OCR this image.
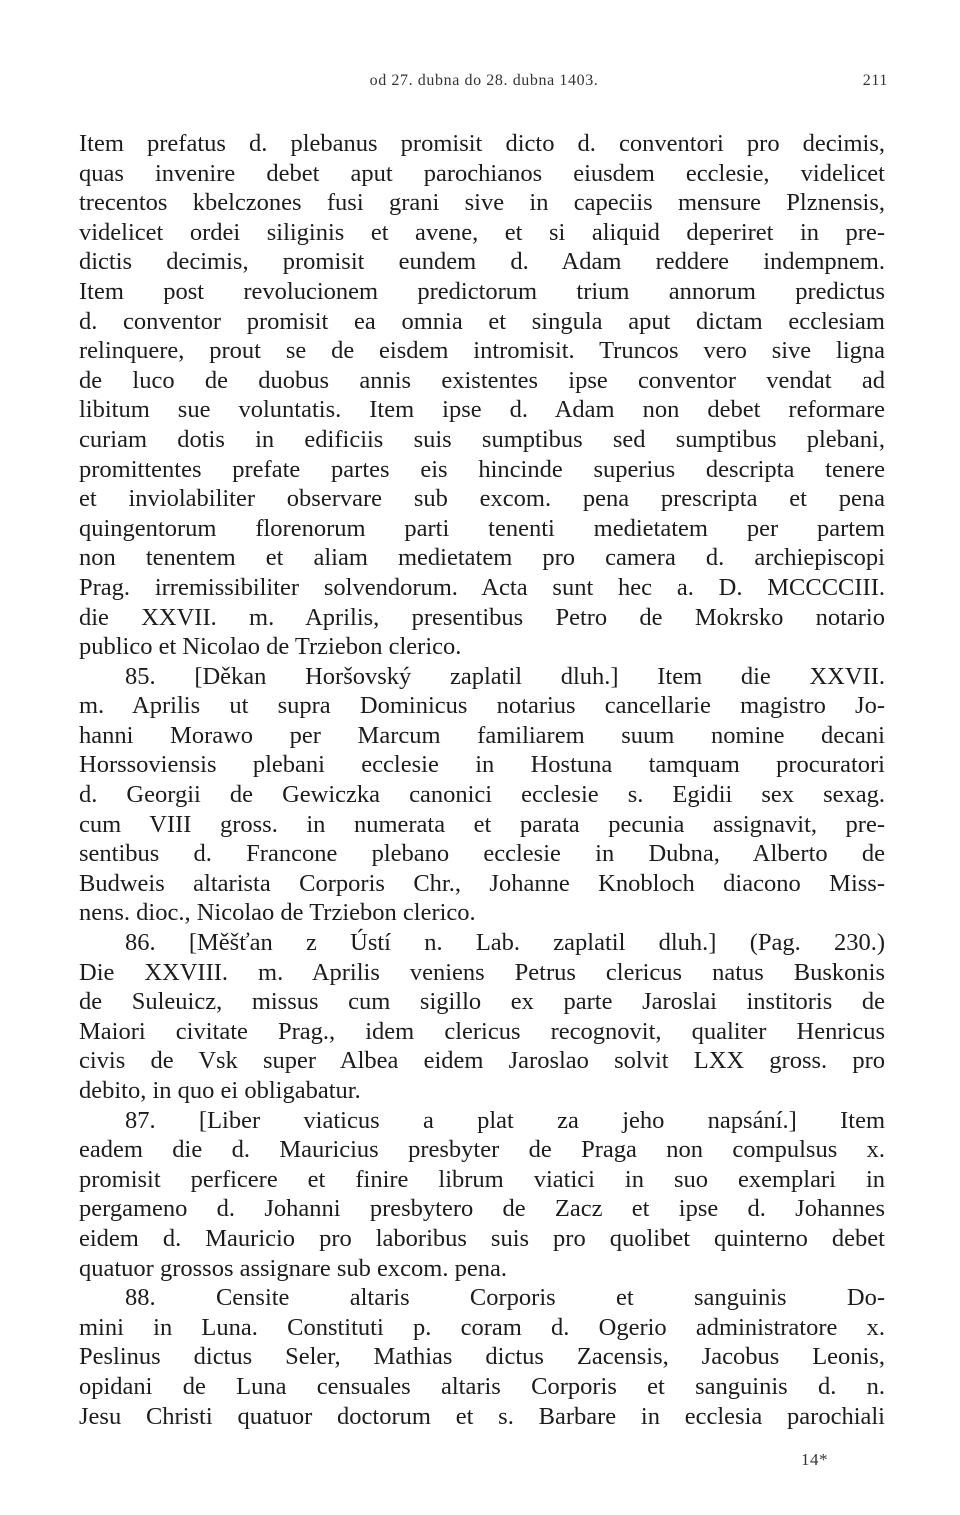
od 27. dubna do 28. dubna 1403.	211
Item prefatus d. plebanus promisit dicto d. conventori pro decimis,
quas invenire debet aput parochianos eiusdem ecclesie, videlicet
trecentos kbelczones fusi grani sive in capeciis mensure Plznensis,
videlicet ordei siliginis et avene, et si aliquid deperiret in pre-
dictis decimis, promisit eundem d. Adam reddere indempnem.
Item post revolucionem predictorum trium annorum predictus
d. conventor promisit ea omnia et singula aput dictam ecclesiam
relinquere, prout se de eisdem intromisit. Truncos vero sive ligna
de luco de duobus annis existentes ipse conventor vendat ad
libitum sue voluntatis. Item ipse d. Adam non debet reformare
curiam dotis in edificiis suis sumptibus sed sumptibus plebani,
promittentes prefate partes eis hincinde superius descripta tenere
et inviolabiliter observare sub excom. pena prescripta et pena
quingentorum florenorum parti tenenti medietatem per partem
non tenentem et aliam medietatem pro camera d. archiepiscopi
Prag. irremissibiliter solvendorum. Acta sunt hec a. D. MCCCCIII.
die XXVII. m. Aprilis, presentibus Petro de Mokrsko notario
publico et Nicolao de Trziebon clerico.
85. [Děkan Horšovský zaplatil dluh.] Item die XXVII.
m. Aprilis ut supra Dominicus notarius cancellarie magistro Jo-
hanni Morawo per Marcum familiarem suum nomine decani
Horssoviensis plebani ecclesie in Hostuna tamquam procuratori
d. Georgii de Gewiczka canonici ecclesie s. Egidii sex sexag.
cum VIII gross. in numerata et parata pecunia assignavit, pre-
sentibus d. Francone plebano ecclesie in Dubna, Alberto de
Budweis altarista Corporis Chr., Johanne Knobloch diacono Miss-
nens. dioc., Nicolao de Trziebon clerico.
86. [Měšťan z Ústí n. Lab. zaplatil dluh.] (Pag. 230.)
Die XXVIII. m. Aprilis veniens Petrus clericus natus Buskonis
de Suleuicz, missus cum sigillo ex parte Jaroslai institoris de
Maiori civitate Prag., idem clericus recognovit, qualiter Henricus
civis de Vsk super Albea eidem Jaroslao solvit LXX gross. pro
debito, in quo ei obligabatur.
87. [Liber viaticus a plat za jeho napsání.] Item
eadem die d. Mauricius presbyter de Praga non compulsus x.
promisit perficere et finire librum viatici in suo exemplari in
pergameno d. Johanni presbytero de Zacz et ipse d. Johannes
eidem d. Mauricio pro laboribus suis pro quolibet quinterno debet
quatuor grossos assignare sub excom. pena.
88. Censite altaris Corporis et sanguinis Do-
mini in Luna. Constituti p. coram d. Ogerio administratore x.
Peslinus dictus Seler, Mathias dictus Zacensis, Jacobus Leonis,
opidani de Luna censuales altaris Corporis et sanguinis d. n.
Jesu Christi quatuor doctorum et s. Barbare in ecclesia parochiali
14*
